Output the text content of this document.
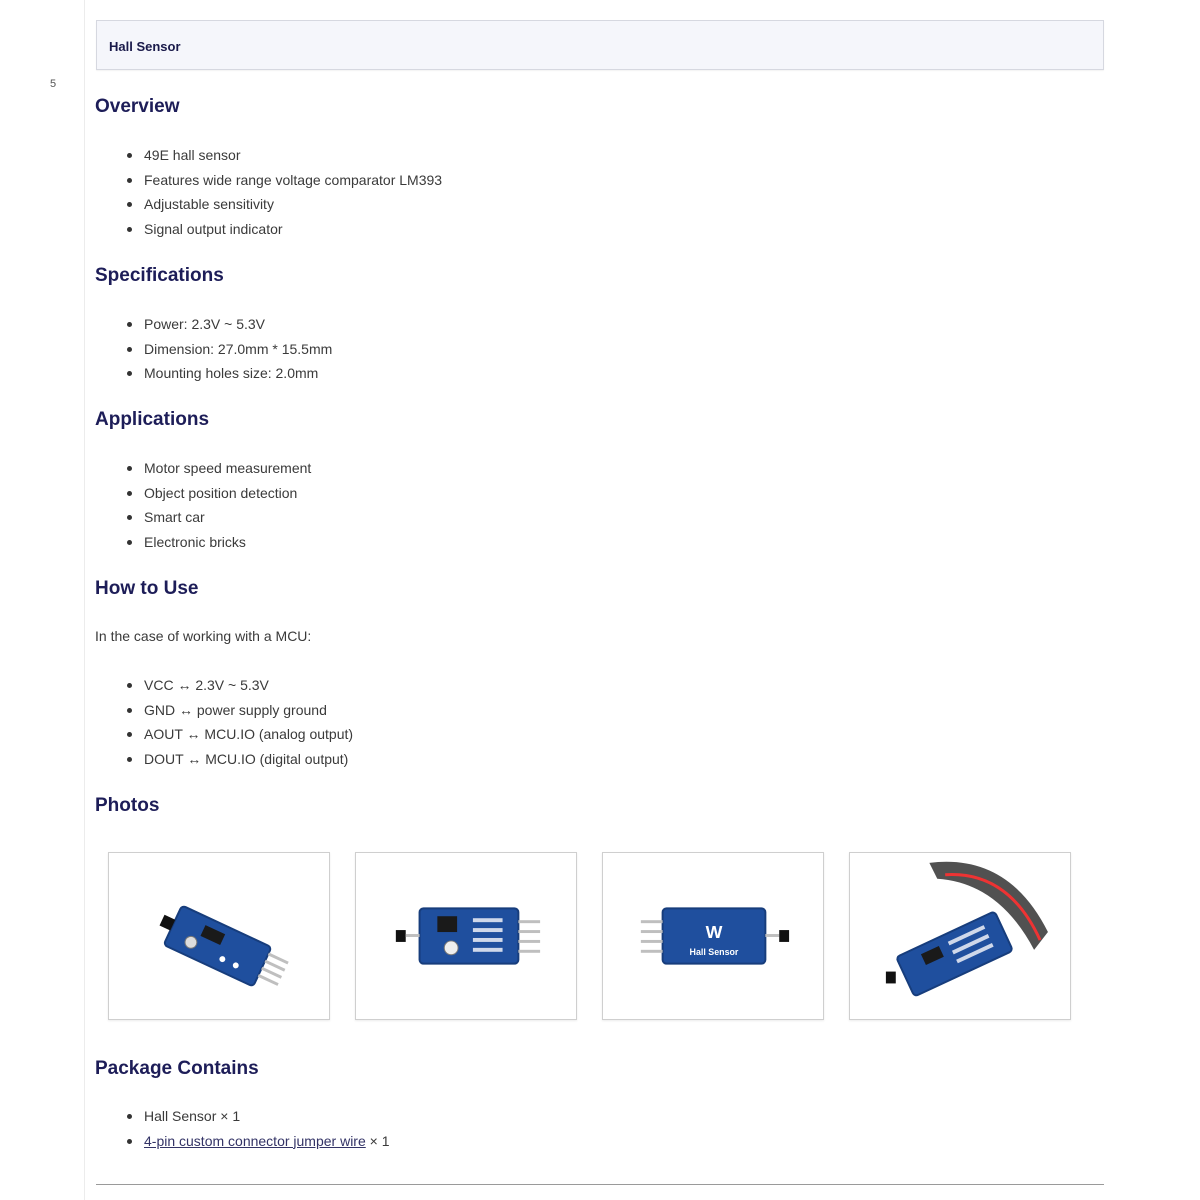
5
Hall Sensor
Overview
49E hall sensor
Features wide range voltage comparator LM393
Adjustable sensitivity
Signal output indicator
Specifications
Power: 2.3V ~ 5.3V
Dimension: 27.0mm * 15.5mm
Mounting holes size: 2.0mm
Applications
Motor speed measurement
Object position detection
Smart car
Electronic bricks
How to Use
In the case of working with a MCU:
VCC ↔ 2.3V ~ 5.3V
GND ↔ power supply ground
AOUT ↔ MCU.IO (analog output)
DOUT ↔ MCU.IO (digital output)
Photos
W
Hall Sensor
Package Contains
Hall Sensor × 1
4-pin custom connector jumper wire × 1
